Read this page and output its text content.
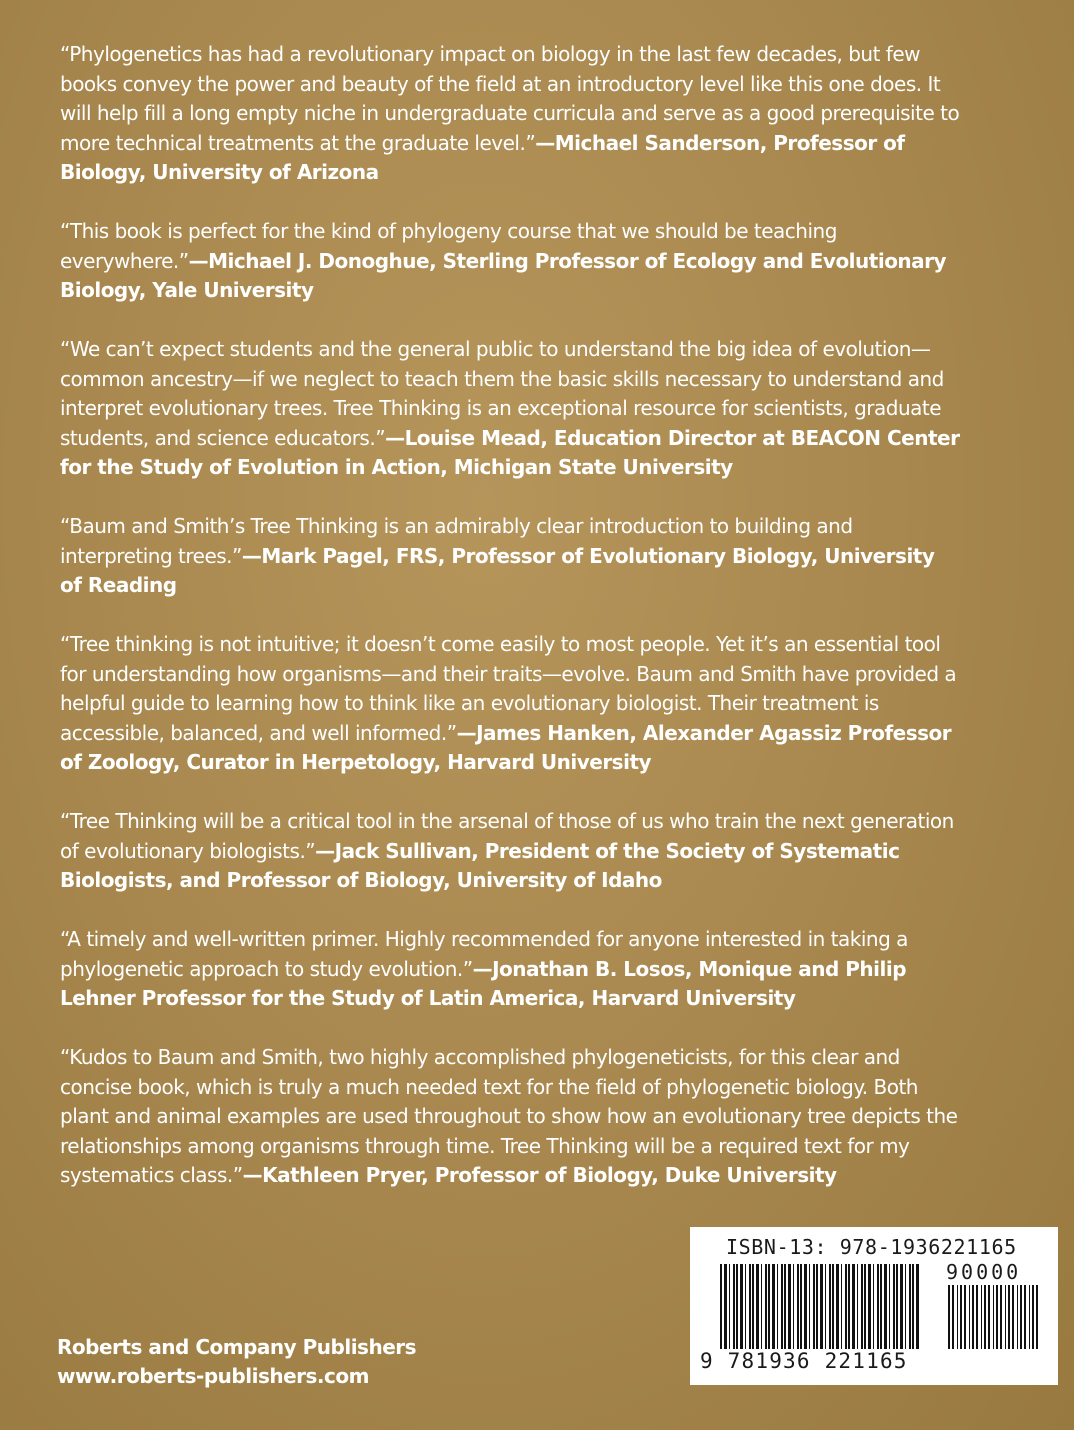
“Phylogenetics has had a revolutionary impact on biology in the last few decades, but few books convey the power and beauty of the field at an introductory level like this one does. It will help fill a long empty niche in undergraduate curricula and serve as a good prerequisite to more technical treatments at the graduate level.”—Michael Sanderson, Professor of Biology, University of Arizona

“This book is perfect for the kind of phylogeny course that we should be teaching everywhere.”—Michael J. Donoghue, Sterling Professor of Ecology and Evolutionary Biology, Yale University

“We can’t expect students and the general public to understand the big idea of evolution—common ancestry—if we neglect to teach them the basic skills necessary to understand and interpret evolutionary trees. Tree Thinking is an exceptional resource for scientists, graduate students, and science educators.”—Louise Mead, Education Director at BEACON Center for the Study of Evolution in Action, Michigan State University

“Baum and Smith’s Tree Thinking is an admirably clear introduction to building and interpreting trees.”—Mark Pagel, FRS, Professor of Evolutionary Biology, University of Reading

“Tree thinking is not intuitive; it doesn’t come easily to most people. Yet it’s an essential tool for understanding how organisms—and their traits—evolve. Baum and Smith have provided a helpful guide to learning how to think like an evolutionary biologist. Their treatment is accessible, balanced, and well informed.”—James Hanken, Alexander Agassiz Professor of Zoology, Curator in Herpetology, Harvard University

“Tree Thinking will be a critical tool in the arsenal of those of us who train the next generation of evolutionary biologists.”—Jack Sullivan, President of the Society of Systematic Biologists, and Professor of Biology, University of Idaho

“A timely and well-written primer. Highly recommended for anyone interested in taking a phylogenetic approach to study evolution.”—Jonathan B. Losos, Monique and Philip Lehner Professor for the Study of Latin America, Harvard University

“Kudos to Baum and Smith, two highly accomplished phylogeneticists, for this clear and concise book, which is truly a much needed text for the field of phylogenetic biology. Both plant and animal examples are used throughout to show how an evolutionary tree depicts the relationships among organisms through time. Tree Thinking will be a required text for my systematics class.”—Kathleen Pryer, Professor of Biology, Duke University

Roberts and Company Publishers
www.roberts-publishers.com
ISBN-13: 978-1936221165
90000
9 781936 221165
